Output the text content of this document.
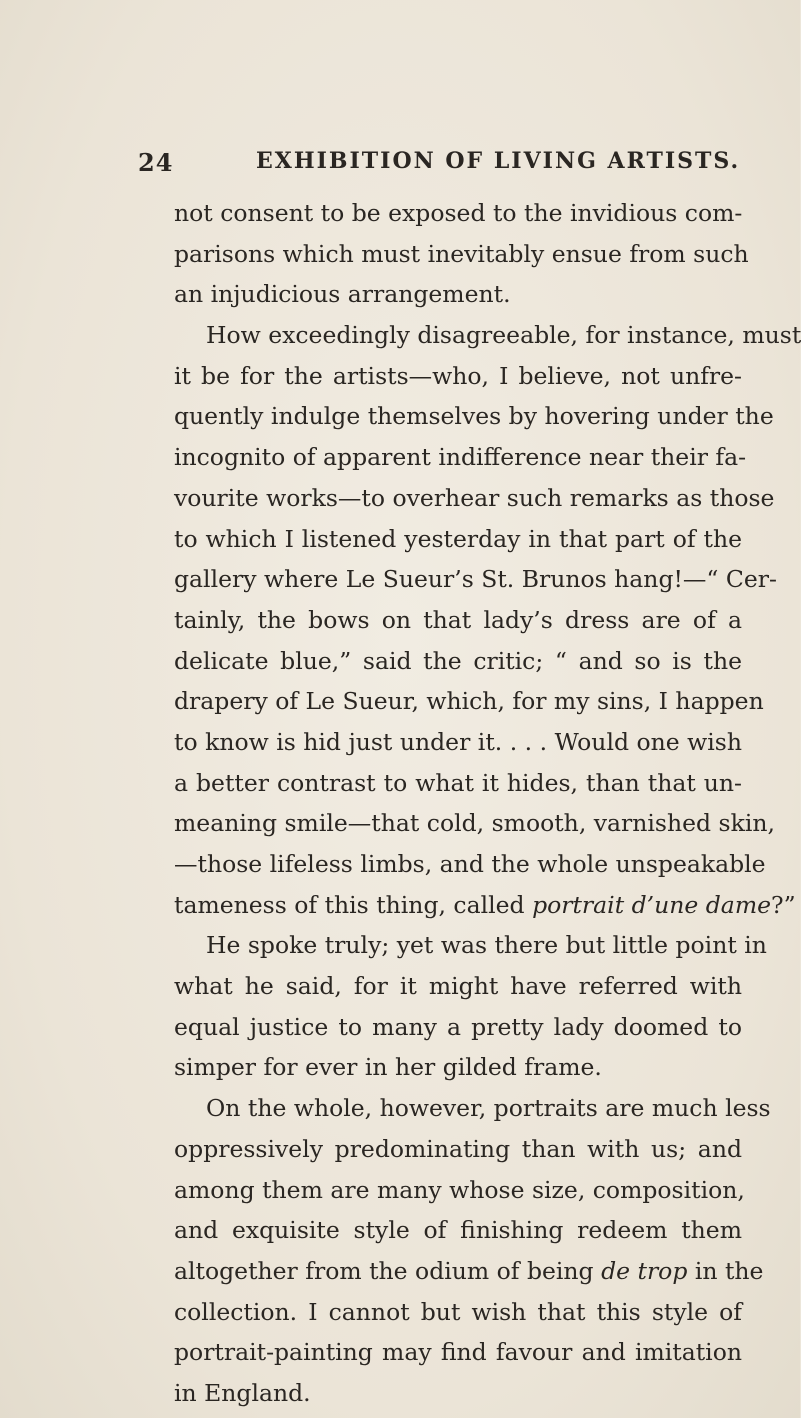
24	EXHIBITION OF LIVING ARTISTS.
not consent to be exposed to the invidious com-
parisons which must inevitably ensue from such
an injudicious arrangement.
How exceedingly disagreeable, for instance, must
it be for the artists—who, I believe, not unfre-
quently indulge themselves by hovering under the
incognito of apparent indifference near their fa-
vourite works—to overhear such remarks as those
to which I listened yesterday in that part of the
gallery where Le Sueur’s St. Brunos hang!—“ Cer-
tainly, the bows on that lady’s dress are of a
delicate blue,” said the critic; “ and so is the
drapery of Le Sueur, which, for my sins, I happen
to know is hid just under it. . . . Would one wish
a better contrast to what it hides, than that un-
meaning smile—that cold, smooth, varnished skin,
—those lifeless limbs, and the whole unspeakable
tameness of this thing, called portrait d’une dame?”
He spoke truly; yet was there but little point in
what he said, for it might have referred with
equal justice to many a pretty lady doomed to
simper for ever in her gilded frame.
On the whole, however, portraits are much less
oppressively predominating than with us; and
among them are many whose size, composition,
and exquisite style of finishing redeem them
altogether from the odium of being de trop in the
collection. I cannot but wish that this style of
portrait-painting may find favour and imitation
in England.
